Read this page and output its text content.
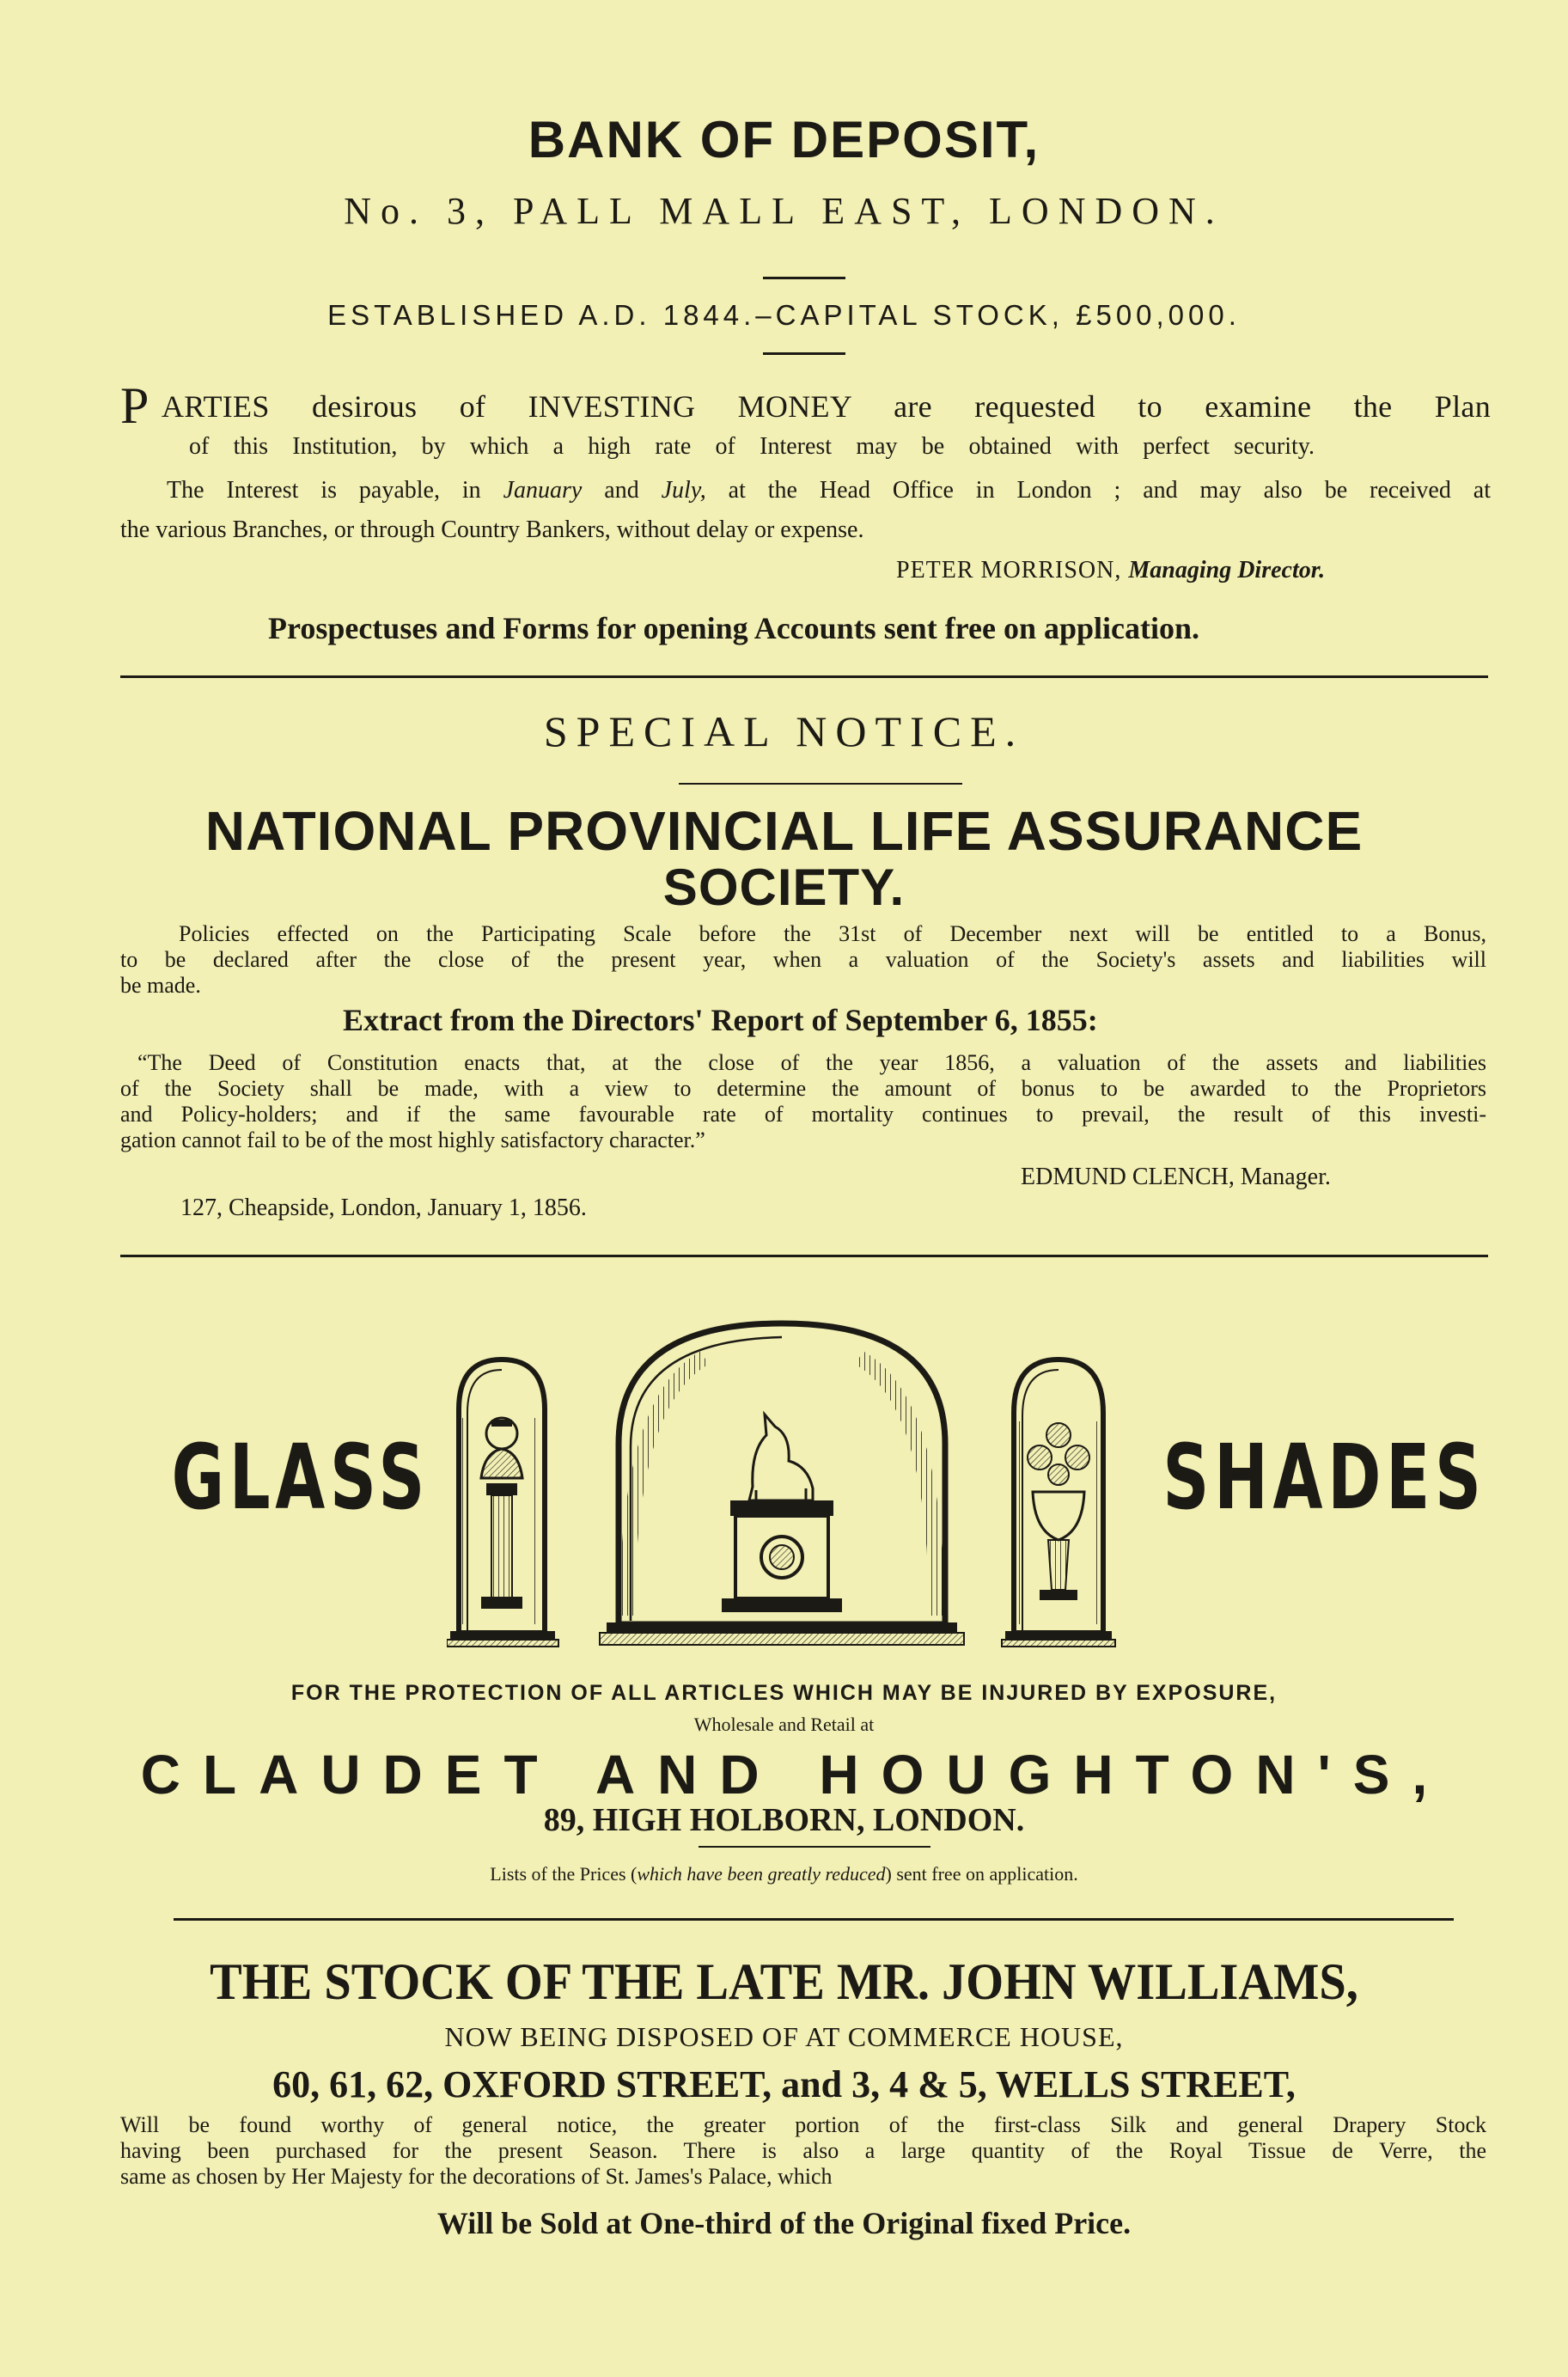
BANK OF DEPOSIT,
No. 3, PALL MALL EAST, LONDON.
ESTABLISHED A.D. 1844.–CAPITAL STOCK, £500,000.
P ARTIES desirous of INVESTING MONEY are requested to examine the Plan
of this Institution, by which a high rate of Interest may be obtained with perfect security.
The Interest is payable, in January and July, at the Head Office in London ; and may also be received at
the various Branches, or through Country Bankers, without delay or expense.
PETER MORRISON, Managing Director.
Prospectuses and Forms for opening Accounts sent free on application.
SPECIAL NOTICE.
NATIONAL PROVINCIAL LIFE ASSURANCE
SOCIETY.
Policies effected on the Participating Scale before the 31st of December next will be entitled to a Bonus,
to be declared after the close of the present year, when a valuation of the Society's assets and liabilities will
be made.
Extract from the Directors' Report of September 6, 1855:
“The Deed of Constitution enacts that, at the close of the year 1856, a valuation of the assets and liabilities
of the Society shall be made, with a view to determine the amount of bonus to be awarded to the Proprietors
and Policy-holders; and if the same favourable rate of mortality continues to prevail, the result of this investi-
gation cannot fail to be of the most highly satisfactory character.”
EDMUND CLENCH, Manager.
127, Cheapside, London, January 1, 1856.
GLASS	SHADES
FOR THE PROTECTION OF ALL ARTICLES WHICH MAY BE INJURED BY EXPOSURE,
Wholesale and Retail at
CLAUDET AND HOUGHTON'S,
89, HIGH HOLBORN, LONDON.
Lists of the Prices (which have been greatly reduced) sent free on application.
THE STOCK OF THE LATE MR. JOHN WILLIAMS,
NOW BEING DISPOSED OF AT COMMERCE HOUSE,
60, 61, 62, OXFORD STREET, and 3, 4 & 5, WELLS STREET,
Will be found worthy of general notice, the greater portion of the first-class Silk and general Drapery Stock
having been purchased for the present Season. There is also a large quantity of the Royal Tissue de Verre, the
same as chosen by Her Majesty for the decorations of St. James's Palace, which
Will be Sold at One-third of the Original fixed Price.
